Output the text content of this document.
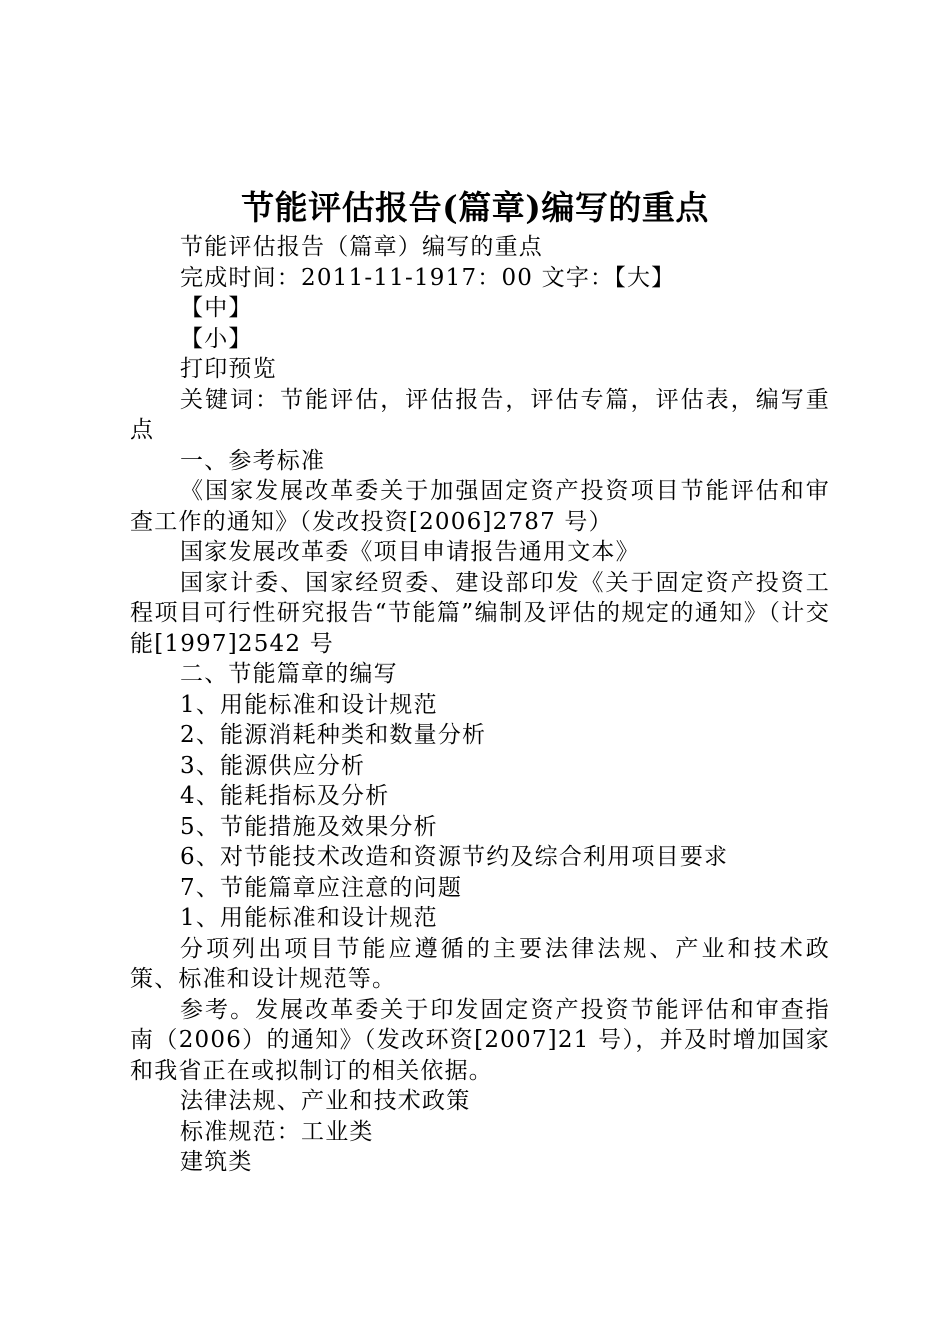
节能评估报告(篇章)编写的重点

节能评估报告（篇章）编写的重点

完成时间：2011-11-1917：00 文字：【大】

【中】

【小】

打印预览

关键词：节能评估，评估报告，评估专篇，评估表，编写重点

一、参考标准

《国家发展改革委关于加强固定资产投资项目节能评估和审查工作的通知》（发改投资[2006]2787 号）

国家发展改革委《项目申请报告通用文本》

国家计委、国家经贸委、建设部印发《关于固定资产投资工程项目可行性研究报告“节能篇”编制及评估的规定的通知》（计交能[1997]2542 号

二、节能篇章的编写

1、用能标准和设计规范

2、能源消耗种类和数量分析

3、能源供应分析

4、能耗指标及分析

5、节能措施及效果分析

6、对节能技术改造和资源节约及综合利用项目要求

7、节能篇章应注意的问题

1、用能标准和设计规范

分项列出项目节能应遵循的主要法律法规、产业和技术政策、标准和设计规范等。

参考。发展改革委关于印发固定资产投资节能评估和审查指南（2006）的通知》（发改环资[2007]21 号），并及时增加国家和我省正在或拟制订的相关依据。

法律法规、产业和技术政策

标准规范：工业类

建筑类
